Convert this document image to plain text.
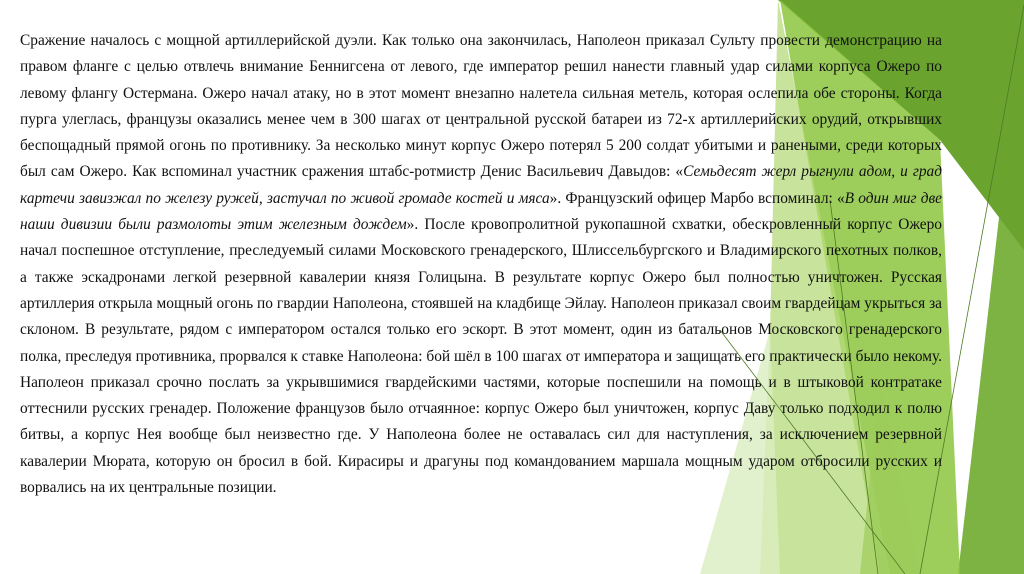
Сражение началось с мощной артиллерийской дуэли. Как только она закончилась, Наполеон приказал Сульту провести демонстрацию на правом фланге с целью отвлечь внимание Беннигсена от левого, где император решил нанести главный удар силами корпуса Ожеро по левому флангу Остермана. Ожеро начал атаку, но в этот момент внезапно налетела сильная метель, которая ослепила обе стороны. Когда пурга улеглась, французы оказались менее чем в 300 шагах от центральной русской батареи из 72-х артиллерийских орудий, открывших беспощадный прямой огонь по противнику. За несколько минут корпус Ожеро потерял 5 200 солдат убитыми и ранеными, среди которых был сам Ожеро. Как вспоминал участник сражения штабс-ротмистр Денис Васильевич Давыдов: «Семьдесят жерл рыгнули адом, и град картечи завизжал по железу ружей, застучал по живой громаде костей и мяса». Французский офицер Марбо вспоминал: «В один миг две наши дивизии были размолоты этим железным дождем». После кровопролитной рукопашной схватки, обескровленный корпус Ожеро начал поспешное отступление, преследуемый силами Московского гренадерского, Шлиссельбургского и Владимирского пехотных полков, а также эскадронами легкой резервной кавалерии князя Голицына. В результате корпус Ожеро был полностью уничтожен. Русская артиллерия открыла мощный огонь по гвардии Наполеона, стоявшей на кладбище Эйлау. Наполеон приказал своим гвардейцам укрыться за склоном. В результате, рядом с императором остался только его эскорт. В этот момент, один из батальонов Московского гренадерского полка, преследуя противника, прорвался к ставке Наполеона: бой шёл в 100 шагах от императора и защищать его практически было некому. Наполеон приказал срочно послать за укрывшимися гвардейскими частями, которые поспешили на помощь и в штыковой контратаке оттеснили русских гренадер. Положение французов было отчаянное: корпус Ожеро был уничтожен, корпус Даву только подходил к полю битвы, а корпус Нея вообще был неизвестно где. У Наполеона более не оставалась сил для наступления, за исключением резервной кавалерии Мюрата, которую он бросил в бой. Кирасиры и драгуны под командованием маршала мощным ударом отбросили русских и ворвались на их центральные позиции.
